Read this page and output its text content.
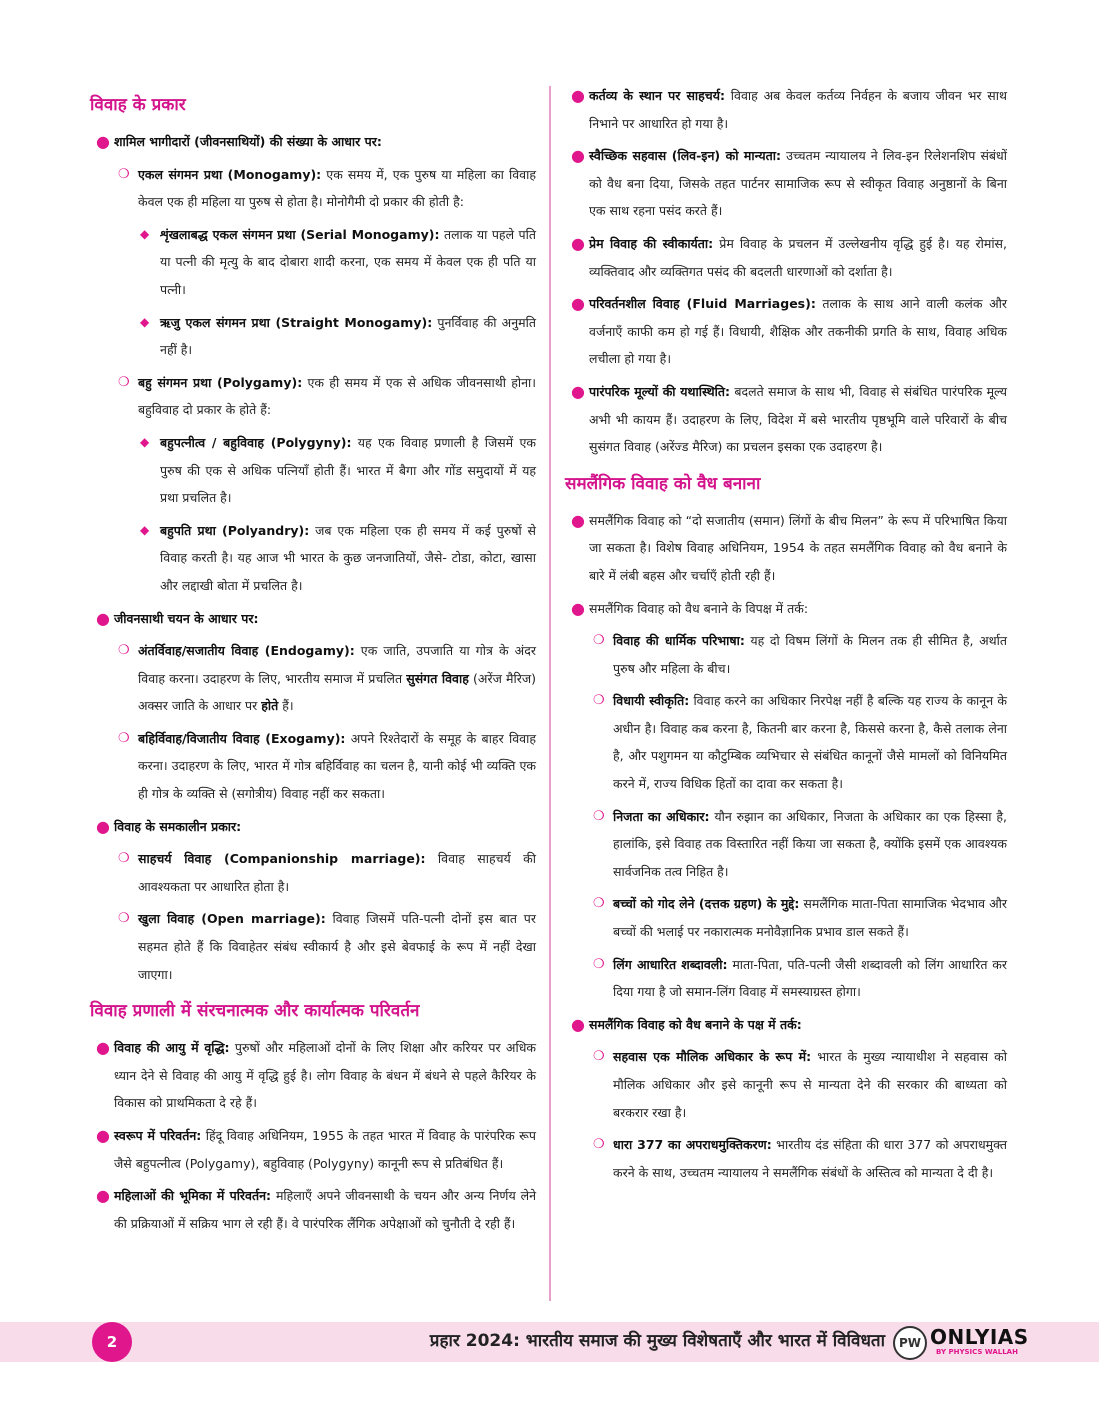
विवाह के प्रकार
● शामिल भागीदारों (जीवनसाथियों) की संख्या के आधार पर:
❍ एकल संगमन प्रथा (Monogamy): एक समय में, एक पुरुष या महिला का विवाह केवल एक ही महिला या पुरुष से होता है। मोनोगैमी दो प्रकार की होती है:
◆ शृंखलाबद्ध एकल संगमन प्रथा (Serial Monogamy): तलाक या पहले पति या पत्नी की मृत्यु के बाद दोबारा शादी करना, एक समय में केवल एक ही पति या पत्नी।
◆ ऋजु एकल संगमन प्रथा (Straight Monogamy): पुनर्विवाह की अनुमति नहीं है।
❍ बहु संगमन प्रथा (Polygamy): एक ही समय में एक से अधिक जीवनसाथी होना। बहुविवाह दो प्रकार के होते हैं:
◆ बहुपत्नीत्व / बहुविवाह (Polygyny): यह एक विवाह प्रणाली है जिसमें एक पुरुष की एक से अधिक पत्नियाँ होती हैं। भारत में बैगा और गोंड समुदायों में यह प्रथा प्रचलित है।
◆ बहुपति प्रथा (Polyandry): जब एक महिला एक ही समय में कई पुरुषों से विवाह करती है। यह आज भी भारत के कुछ जनजातियों, जैसे- टोडा, कोटा, खासा और लद्दाखी बोता में प्रचलित है।
● जीवनसाथी चयन के आधार पर:
❍ अंतर्विवाह/सजातीय विवाह (Endogamy): एक जाति, उपजाति या गोत्र के अंदर विवाह करना। उदाहरण के लिए, भारतीय समाज में प्रचलित सुसंगत विवाह (अरेंज मैरिज) अक्सर जाति के आधार पर होते हैं।
❍ बहिर्विवाह/विजातीय विवाह (Exogamy): अपने रिश्तेदारों के समूह के बाहर विवाह करना। उदाहरण के लिए, भारत में गोत्र बहिर्विवाह का चलन है, यानी कोई भी व्यक्ति एक ही गोत्र के व्यक्ति से (सगोत्रीय) विवाह नहीं कर सकता।
● विवाह के समकालीन प्रकार:
❍ साहचर्य विवाह (Companionship marriage): विवाह साहचर्य की आवश्यकता पर आधारित होता है।
❍ खुला विवाह (Open marriage): विवाह जिसमें पति-पत्नी दोनों इस बात पर सहमत होते हैं कि विवाहेतर संबंध स्वीकार्य है और इसे बेवफाई के रूप में नहीं देखा जाएगा।
विवाह प्रणाली में संरचनात्मक और कार्यात्मक परिवर्तन
● विवाह की आयु में वृद्धि: पुरुषों और महिलाओं दोनों के लिए शिक्षा और करियर पर अधिक ध्यान देने से विवाह की आयु में वृद्धि हुई है। लोग विवाह के बंधन में बंधने से पहले कैरियर के विकास को प्राथमिकता दे रहे हैं।
● स्वरूप में परिवर्तन: हिंदू विवाह अधिनियम, 1955 के तहत भारत में विवाह के पारंपरिक रूप जैसे बहुपत्नीत्व (Polygamy), बहुविवाह (Polygyny) कानूनी रूप से प्रतिबंधित हैं।
● महिलाओं की भूमिका में परिवर्तन: महिलाएँ अपने जीवनसाथी के चयन और अन्य निर्णय लेने की प्रक्रियाओं में सक्रिय भाग ले रही हैं। वे पारंपरिक लैंगिक अपेक्षाओं को चुनौती दे रही हैं।
● कर्तव्य के स्थान पर साहचर्य: विवाह अब केवल कर्तव्य निर्वहन के बजाय जीवन भर साथ निभाने पर आधारित हो गया है।
● स्वैच्छिक सहवास (लिव-इन) को मान्यता: उच्चतम न्यायालय ने लिव-इन रिलेशनशिप संबंधों को वैध बना दिया, जिसके तहत पार्टनर सामाजिक रूप से स्वीकृत विवाह अनुष्ठानों के बिना एक साथ रहना पसंद करते हैं।
● प्रेम विवाह की स्वीकार्यता: प्रेम विवाह के प्रचलन में उल्लेखनीय वृद्धि हुई है। यह रोमांस, व्यक्तिवाद और व्यक्तिगत पसंद की बदलती धारणाओं को दर्शाता है।
● परिवर्तनशील विवाह (Fluid Marriages): तलाक के साथ आने वाली कलंक और वर्जनाएँ काफी कम हो गई हैं। विधायी, शैक्षिक और तकनीकी प्रगति के साथ, विवाह अधिक लचीला हो गया है।
● पारंपरिक मूल्यों की यथास्थिति: बदलते समाज के साथ भी, विवाह से संबंधित पारंपरिक मूल्य अभी भी कायम हैं। उदाहरण के लिए, विदेश में बसे भारतीय पृष्ठभूमि वाले परिवारों के बीच सुसंगत विवाह (अरेंज्ड मैरिज) का प्रचलन इसका एक उदाहरण है।
समलैंगिक विवाह को वैध बनाना
● समलैंगिक विवाह को “दो सजातीय (समान) लिंगों के बीच मिलन” के रूप में परिभाषित किया जा सकता है। विशेष विवाह अधिनियम, 1954 के तहत समलैंगिक विवाह को वैध बनाने के बारे में लंबी बहस और चर्चाएँ होती रही हैं।
● समलैंगिक विवाह को वैध बनाने के विपक्ष में तर्क:
❍ विवाह की धार्मिक परिभाषा: यह दो विषम लिंगों के मिलन तक ही सीमित है, अर्थात पुरुष और महिला के बीच।
❍ विधायी स्वीकृति: विवाह करने का अधिकार निरपेक्ष नहीं है बल्कि यह राज्य के कानून के अधीन है। विवाह कब करना है, कितनी बार करना है, किससे करना है, कैसे तलाक लेना है, और पशुगमन या कौटुम्बिक व्यभिचार से संबंधित कानूनों जैसे मामलों को विनियमित करने में, राज्य विधिक हितों का दावा कर सकता है।
❍ निजता का अधिकार: यौन रुझान का अधिकार, निजता के अधिकार का एक हिस्सा है, हालांकि, इसे विवाह तक विस्तारित नहीं किया जा सकता है, क्योंकि इसमें एक आवश्यक सार्वजनिक तत्व निहित है।
❍ बच्चों को गोद लेने (दत्तक ग्रहण) के मुद्दे: समलैंगिक माता-पिता सामाजिक भेदभाव और बच्चों की भलाई पर नकारात्मक मनोवैज्ञानिक प्रभाव डाल सकते हैं।
❍ लिंग आधारित शब्दावली: माता-पिता, पति-पत्नी जैसी शब्दावली को लिंग आधारित कर दिया गया है जो समान-लिंग विवाह में समस्याग्रस्त होगा।
● समलैंगिक विवाह को वैध बनाने के पक्ष में तर्क:
❍ सहवास एक मौलिक अधिकार के रूप में: भारत के मुख्य न्यायाधीश ने सहवास को मौलिक अधिकार और इसे कानूनी रूप से मान्यता देने की सरकार की बाध्यता को बरकरार रखा है।
❍ धारा 377 का अपराधमुक्तिकरण: भारतीय दंड संहिता की धारा 377 को अपराधमुक्त करने के साथ, उच्चतम न्यायालय ने समलैंगिक संबंधों के अस्तित्व को मान्यता दे दी है।
2	प्रहार 2024: भारतीय समाज की मुख्य विशेषताएँ और भारत में विविधता	PW ONLYIAS
BY PHYSICS WALLAH
